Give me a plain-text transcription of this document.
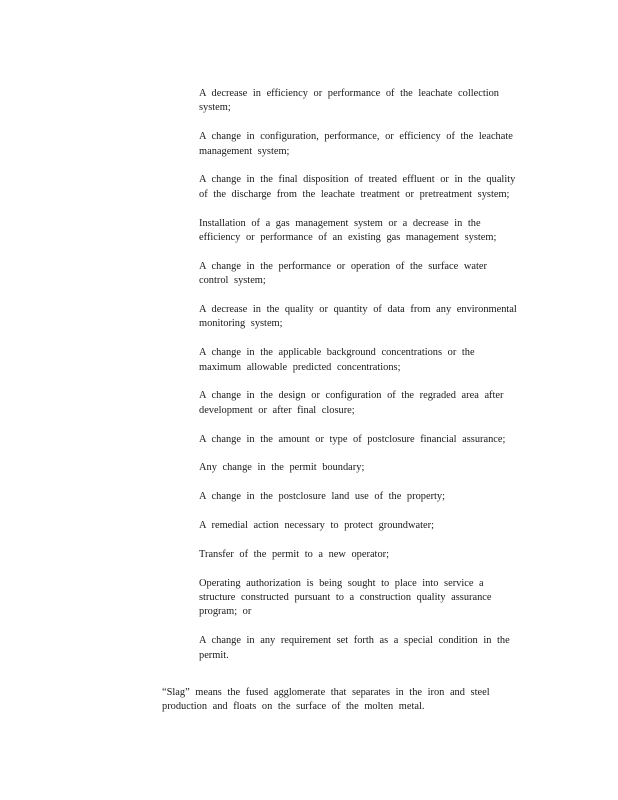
A decrease in efficiency or performance of the leachate collection system;
A change in configuration, performance, or efficiency of the leachate management system;
A change in the final disposition of treated effluent or in the quality of the discharge from the leachate treatment or pretreatment system;
Installation of a gas management system or a decrease in the efficiency or performance of an existing gas management system;
A change in the performance or operation of the surface water control system;
A decrease in the quality or quantity of data from any environmental monitoring system;
A change in the applicable background concentrations or the maximum allowable predicted concentrations;
A change in the design or configuration of the regraded area after development or after final closure;
A change in the amount or type of postclosure financial assurance;
Any change in the permit boundary;
A change in the postclosure land use of the property;
A remedial action necessary to protect groundwater;
Transfer of the permit to a new operator;
Operating authorization is being sought to place into service a structure constructed pursuant to a construction quality assurance program; or
A change in any requirement set forth as a special condition in the permit.

“Slag” means the fused agglomerate that separates in the iron and steel production and floats on the surface of the molten metal.
